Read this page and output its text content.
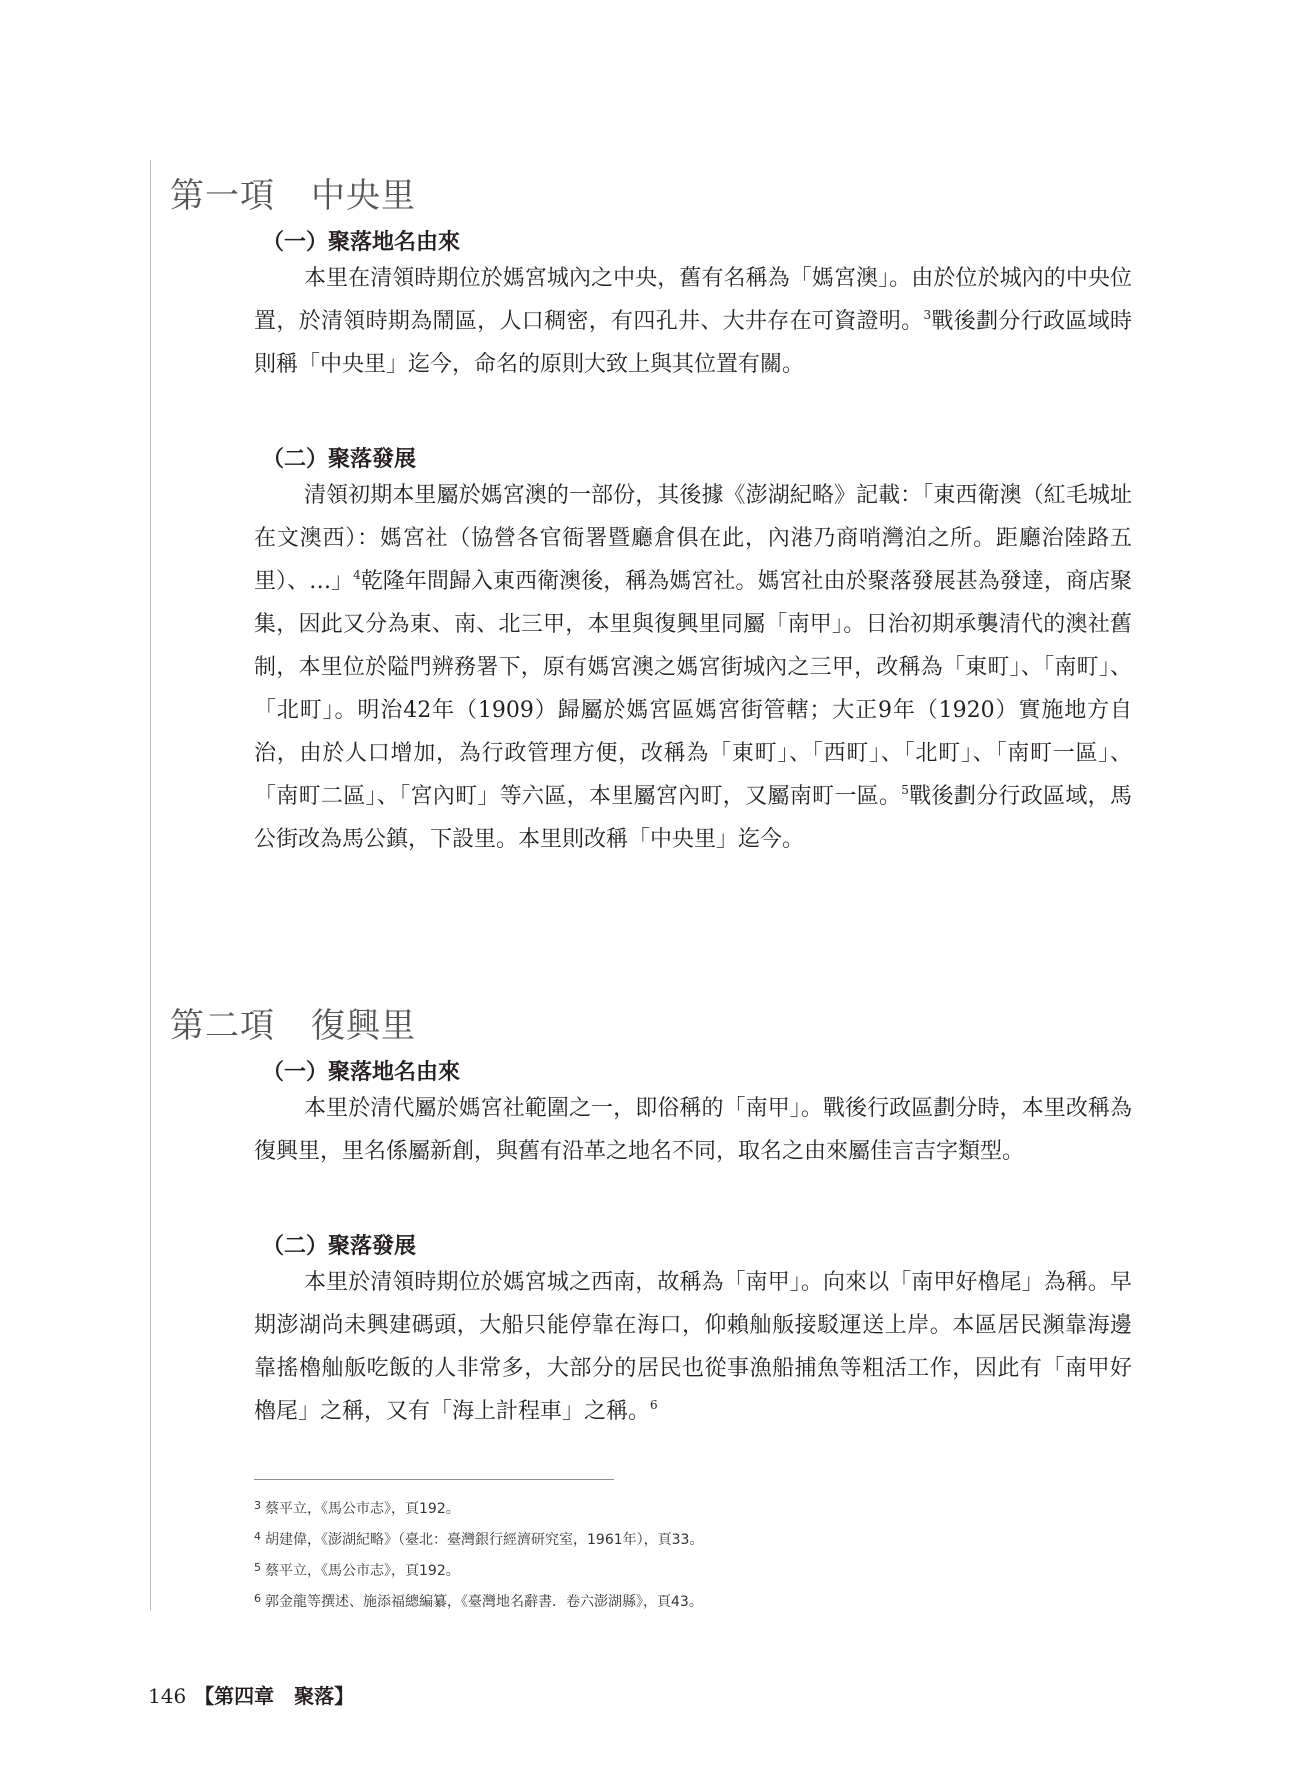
第一項 中央里
（一）聚落地名由來

本里在清領時期位於媽宮城內之中央，舊有名稱為「媽宮澳」。由於位於城內的中央位置，於清領時期為鬧區，人口稠密，有四孔井、大井存在可資證明。$^3$戰後劃分行政區域時則稱「中央里」迄今，命名的原則大致上與其位置有關。

（二）聚落發展

清領初期本里屬於媽宮澳的一部份，其後據《澎湖紀略》記載：「東西衛澳（紅毛城址在文澳西）：媽宮社（協營各官衙署暨廳倉俱在此，內港乃商哨灣泊之所。距廳治陸路五里）、…」$^4$乾隆年間歸入東西衛澳後，稱為媽宮社。媽宮社由於聚落發展甚為發達，商店聚集，因此又分為東、南、北三甲，本里與復興里同屬「南甲」。日治初期承襲清代的澳社舊制，本里位於隘門辨務署下，原有媽宮澳之媽宮街城內之三甲，改稱為「東町」、「南町」、「北町」。明治42年（1909）歸屬於媽宮區媽宮街管轄；大正9年（1920）實施地方自治，由於人口增加，為行政管理方便，改稱為「東町」、「西町」、「北町」、「南町一區」、「南町二區」、「宮內町」等六區，本里屬宮內町，又屬南町一區。$^5$戰後劃分行政區域，馬公街改為馬公鎮，下設里。本里則改稱「中央里」迄今。

第二項 復興里
（一）聚落地名由來

本里於清代屬於媽宮社範圍之一，即俗稱的「南甲」。戰後行政區劃分時，本里改稱為復興里，里名係屬新創，與舊有沿革之地名不同，取名之由來屬佳言吉字類型。

（二）聚落發展

本里於清領時期位於媽宮城之西南，故稱為「南甲」。向來以「南甲好櫓尾」為稱。早期澎湖尚未興建碼頭，大船只能停靠在海口，仰賴舢舨接駁運送上岸。本區居民瀕靠海邊靠搖櫓舢舨吃飯的人非常多，大部分的居民也從事漁船捕魚等粗活工作，因此有「南甲好櫓尾」之稱，又有「海上計程車」之稱。$^6$

$^3$ 蔡平立，《馬公市志》，頁192。
$^4$ 胡建偉，《澎湖紀略》（臺北：臺灣銀行經濟研究室，1961年），頁33。
$^5$ 蔡平立，《馬公市志》，頁192。
$^6$ 郭金龍等撰述、施添福總編纂，《臺灣地名辭書．卷六澎湖縣》，頁43。
146 【第四章　聚落】
